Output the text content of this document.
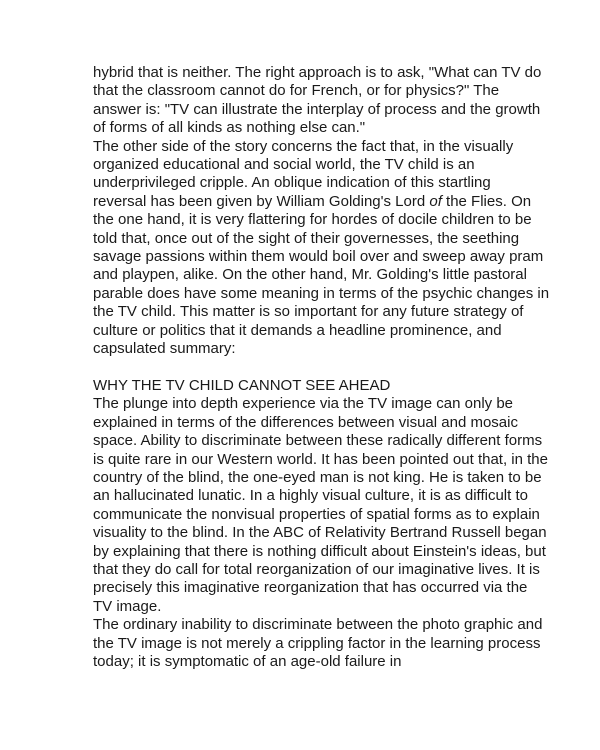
hybrid that is neither. The right approach is to ask, "What can TV do
that the classroom cannot do for French, or for physics?" The
answer is: "TV can illustrate the interplay of process and the growth
of forms of all kinds as nothing else can."

The other side of the story concerns the fact that, in the visually
organized educational and social world, the TV child is an
underprivileged cripple. An oblique indication of this startling
reversal has been given by William Golding's Lord of the Flies. On
the one hand, it is very flattering for hordes of docile children to be
told that, once out of the sight of their governesses, the seething
savage passions within them would boil over and sweep away pram
and playpen, alike. On the other hand, Mr. Golding's little pastoral
parable does have some meaning in terms of the psychic changes in
the TV child. This matter is so important for any future strategy of
culture or politics that it demands a headline prominence, and
capsulated summary:

WHY THE TV CHILD CANNOT SEE AHEAD

The plunge into depth experience via the TV image can only be
explained in terms of the differences between visual and mosaic
space. Ability to discriminate between these radically different forms
is quite rare in our Western world. It has been pointed out that, in the
country of the blind, the one-eyed man is not king. He is taken to be
an hallucinated lunatic. In a highly visual culture, it is as difficult to
communicate the nonvisual properties of spatial forms as to explain
visuality to the blind. In the ABC of Relativity Bertrand Russell began
by explaining that there is nothing difficult about Einstein's ideas, but
that they do call for total reorganization of our imaginative lives. It is
precisely this imaginative reorganization that has occurred via the
TV image.

The ordinary inability to discriminate between the photo graphic and
the TV image is not merely a crippling factor in the learning process
today; it is symptomatic of an age-old failure in
